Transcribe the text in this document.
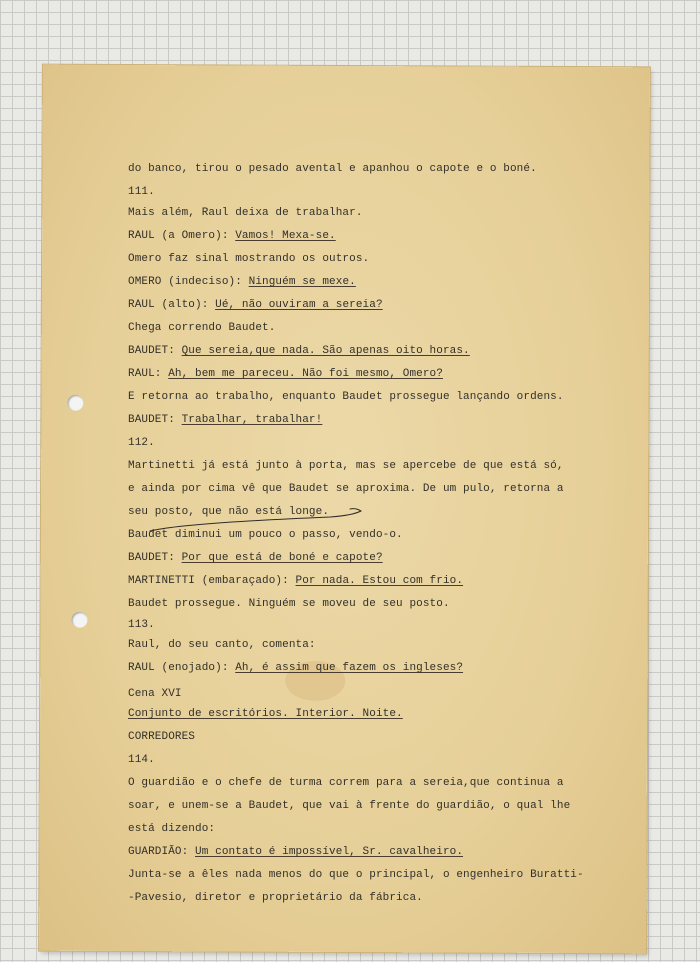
do banco, tirou o pesado avental e apanhou o capote e o boné.
111.
Mais além, Raul deixa de trabalhar.
RAUL (a Omero): Vamos! Mexa-se.
Omero faz sinal mostrando os outros.
OMERO (indeciso): Ninguém se mexe.
RAUL (alto): Ué, não ouviram a sereia?
Chega correndo Baudet.
BAUDET: Que sereia,que nada. São apenas oito horas.
RAUL: Ah, bem me pareceu. Não foi mesmo, Omero?
E retorna ao trabalho, enquanto Baudet prossegue lançando ordens.
BAUDET: Trabalhar, trabalhar!
112.
Martinetti já está junto à porta, mas se apercebe de que está só,
e ainda por cima vê que Baudet se aproxima. De um pulo, retorna a
seu posto, que não está longe.
Baudet diminui um pouco o passo, vendo-o.
BAUDET: Por que está de boné e capote?
MARTINETTI (embaraçado): Por nada. Estou com frio.
Baudet prossegue. Ninguém se moveu de seu posto.
113.
Raul, do seu canto, comenta:
RAUL (enojado): Ah, é assim que fazem os ingleses?
Cena XVI
Conjunto de escritórios. Interior. Noite.
CORREDORES
114.
O guardião e o chefe de turma correm para a sereia,que continua a
soar, e unem-se a Baudet, que vai à frente do guardião, o qual lhe
está dizendo:
GUARDIÃO: Um contato é impossível, Sr. cavalheiro.
Junta-se a êles nada menos do que o principal, o engenheiro Buratti-
-Pavesio, diretor e proprietário da fábrica.
